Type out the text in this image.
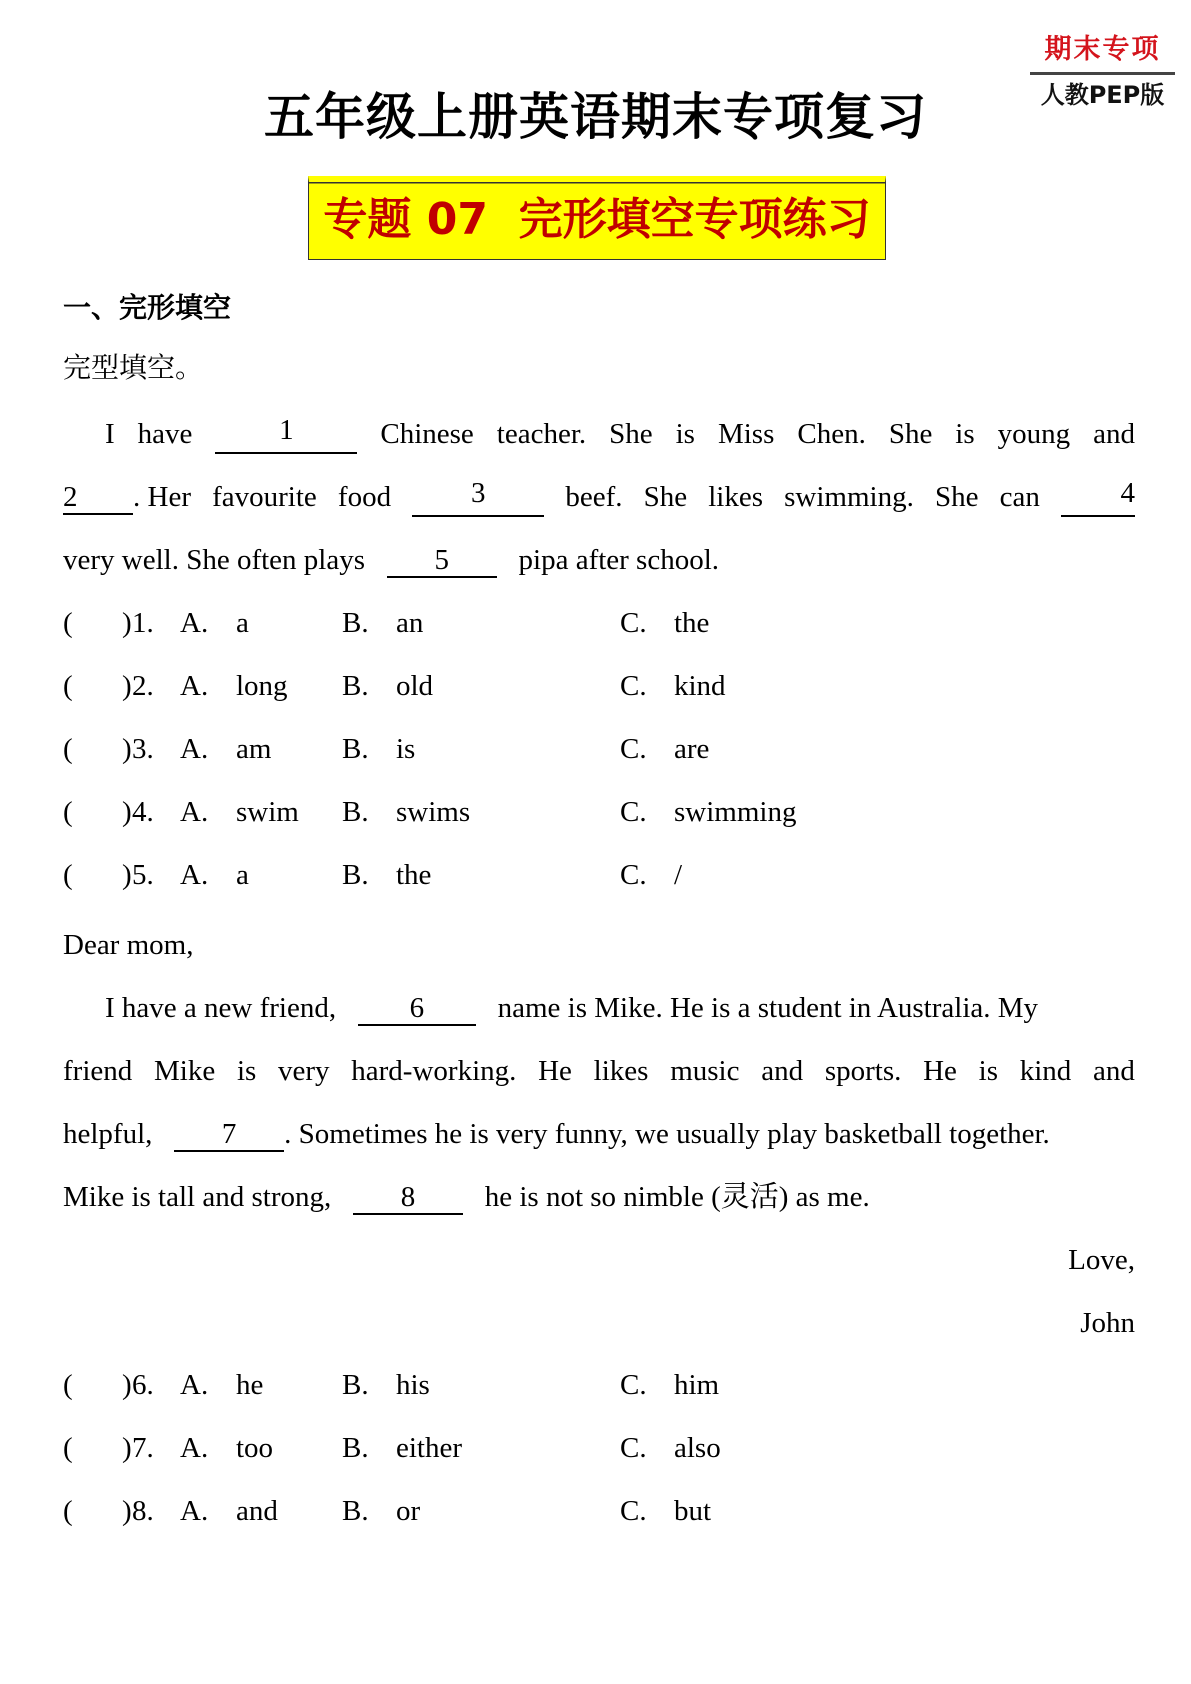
期末专项
人教PEP版
五年级上册英语期末专项复习
专题 07  完形填空专项练习
一、完形填空
完型填空。
I have	1	Chinese teacher. She is Miss Chen. She is young and
2 . Her favourite food	3	beef. She likes swimming. She can	4
very well. She often plays 5 pipa after school.
( ) 1. A. a	B. an	C. the
( ) 2. A. long B. old	C. kind
( ) 3. A. am B. is	C. are
( ) 4. A. swim B. swims	C. swimming
( ) 5. A. a	B. the	C. /
Dear mom,
I have a new friend,	6	name is Mike. He is a student in Australia. My
friend Mike is very hard-working. He likes music and sports. He is kind and
helpful, 7 . Sometimes he is very funny, we usually play basketball together.
Mike is tall and strong, 8 he is not so nimble (灵活) as me.
Love,
John
( ) 6. A. he	B. his	C. him
( ) 7. A. too B. either	C. also
( ) 8. A. and B. or	C. but
